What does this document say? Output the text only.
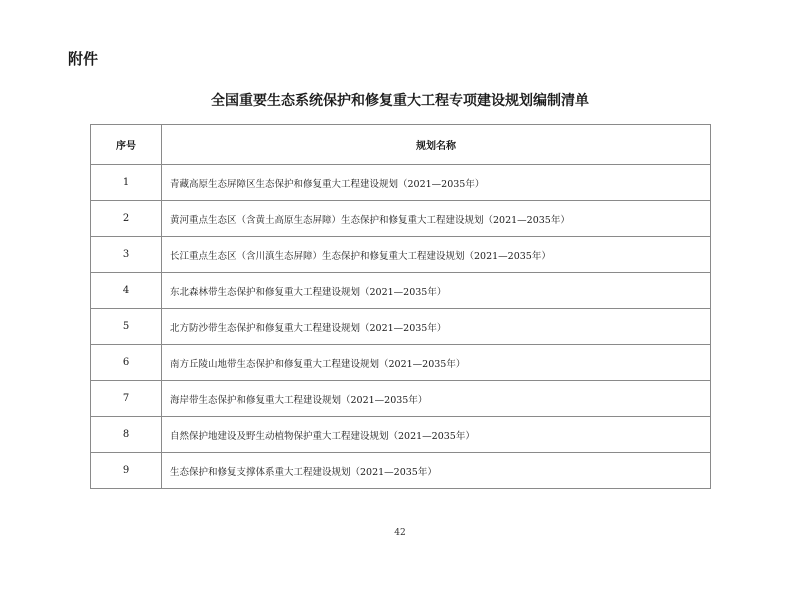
附件
全国重要生态系统保护和修复重大工程专项建设规划编制清单
序号	规划名称
1	青藏高原生态屏障区生态保护和修复重大工程建设规划（2021—2035年）
2	黄河重点生态区（含黄土高原生态屏障）生态保护和修复重大工程建设规划（2021—2035年）
3	长江重点生态区（含川滇生态屏障）生态保护和修复重大工程建设规划（2021—2035年）
4	东北森林带生态保护和修复重大工程建设规划（2021—2035年）
5	北方防沙带生态保护和修复重大工程建设规划（2021—2035年）
6	南方丘陵山地带生态保护和修复重大工程建设规划（2021—2035年）
7	海岸带生态保护和修复重大工程建设规划（2021—2035年）
8	自然保护地建设及野生动植物保护重大工程建设规划（2021—2035年）
9	生态保护和修复支撑体系重大工程建设规划（2021—2035年）
42
